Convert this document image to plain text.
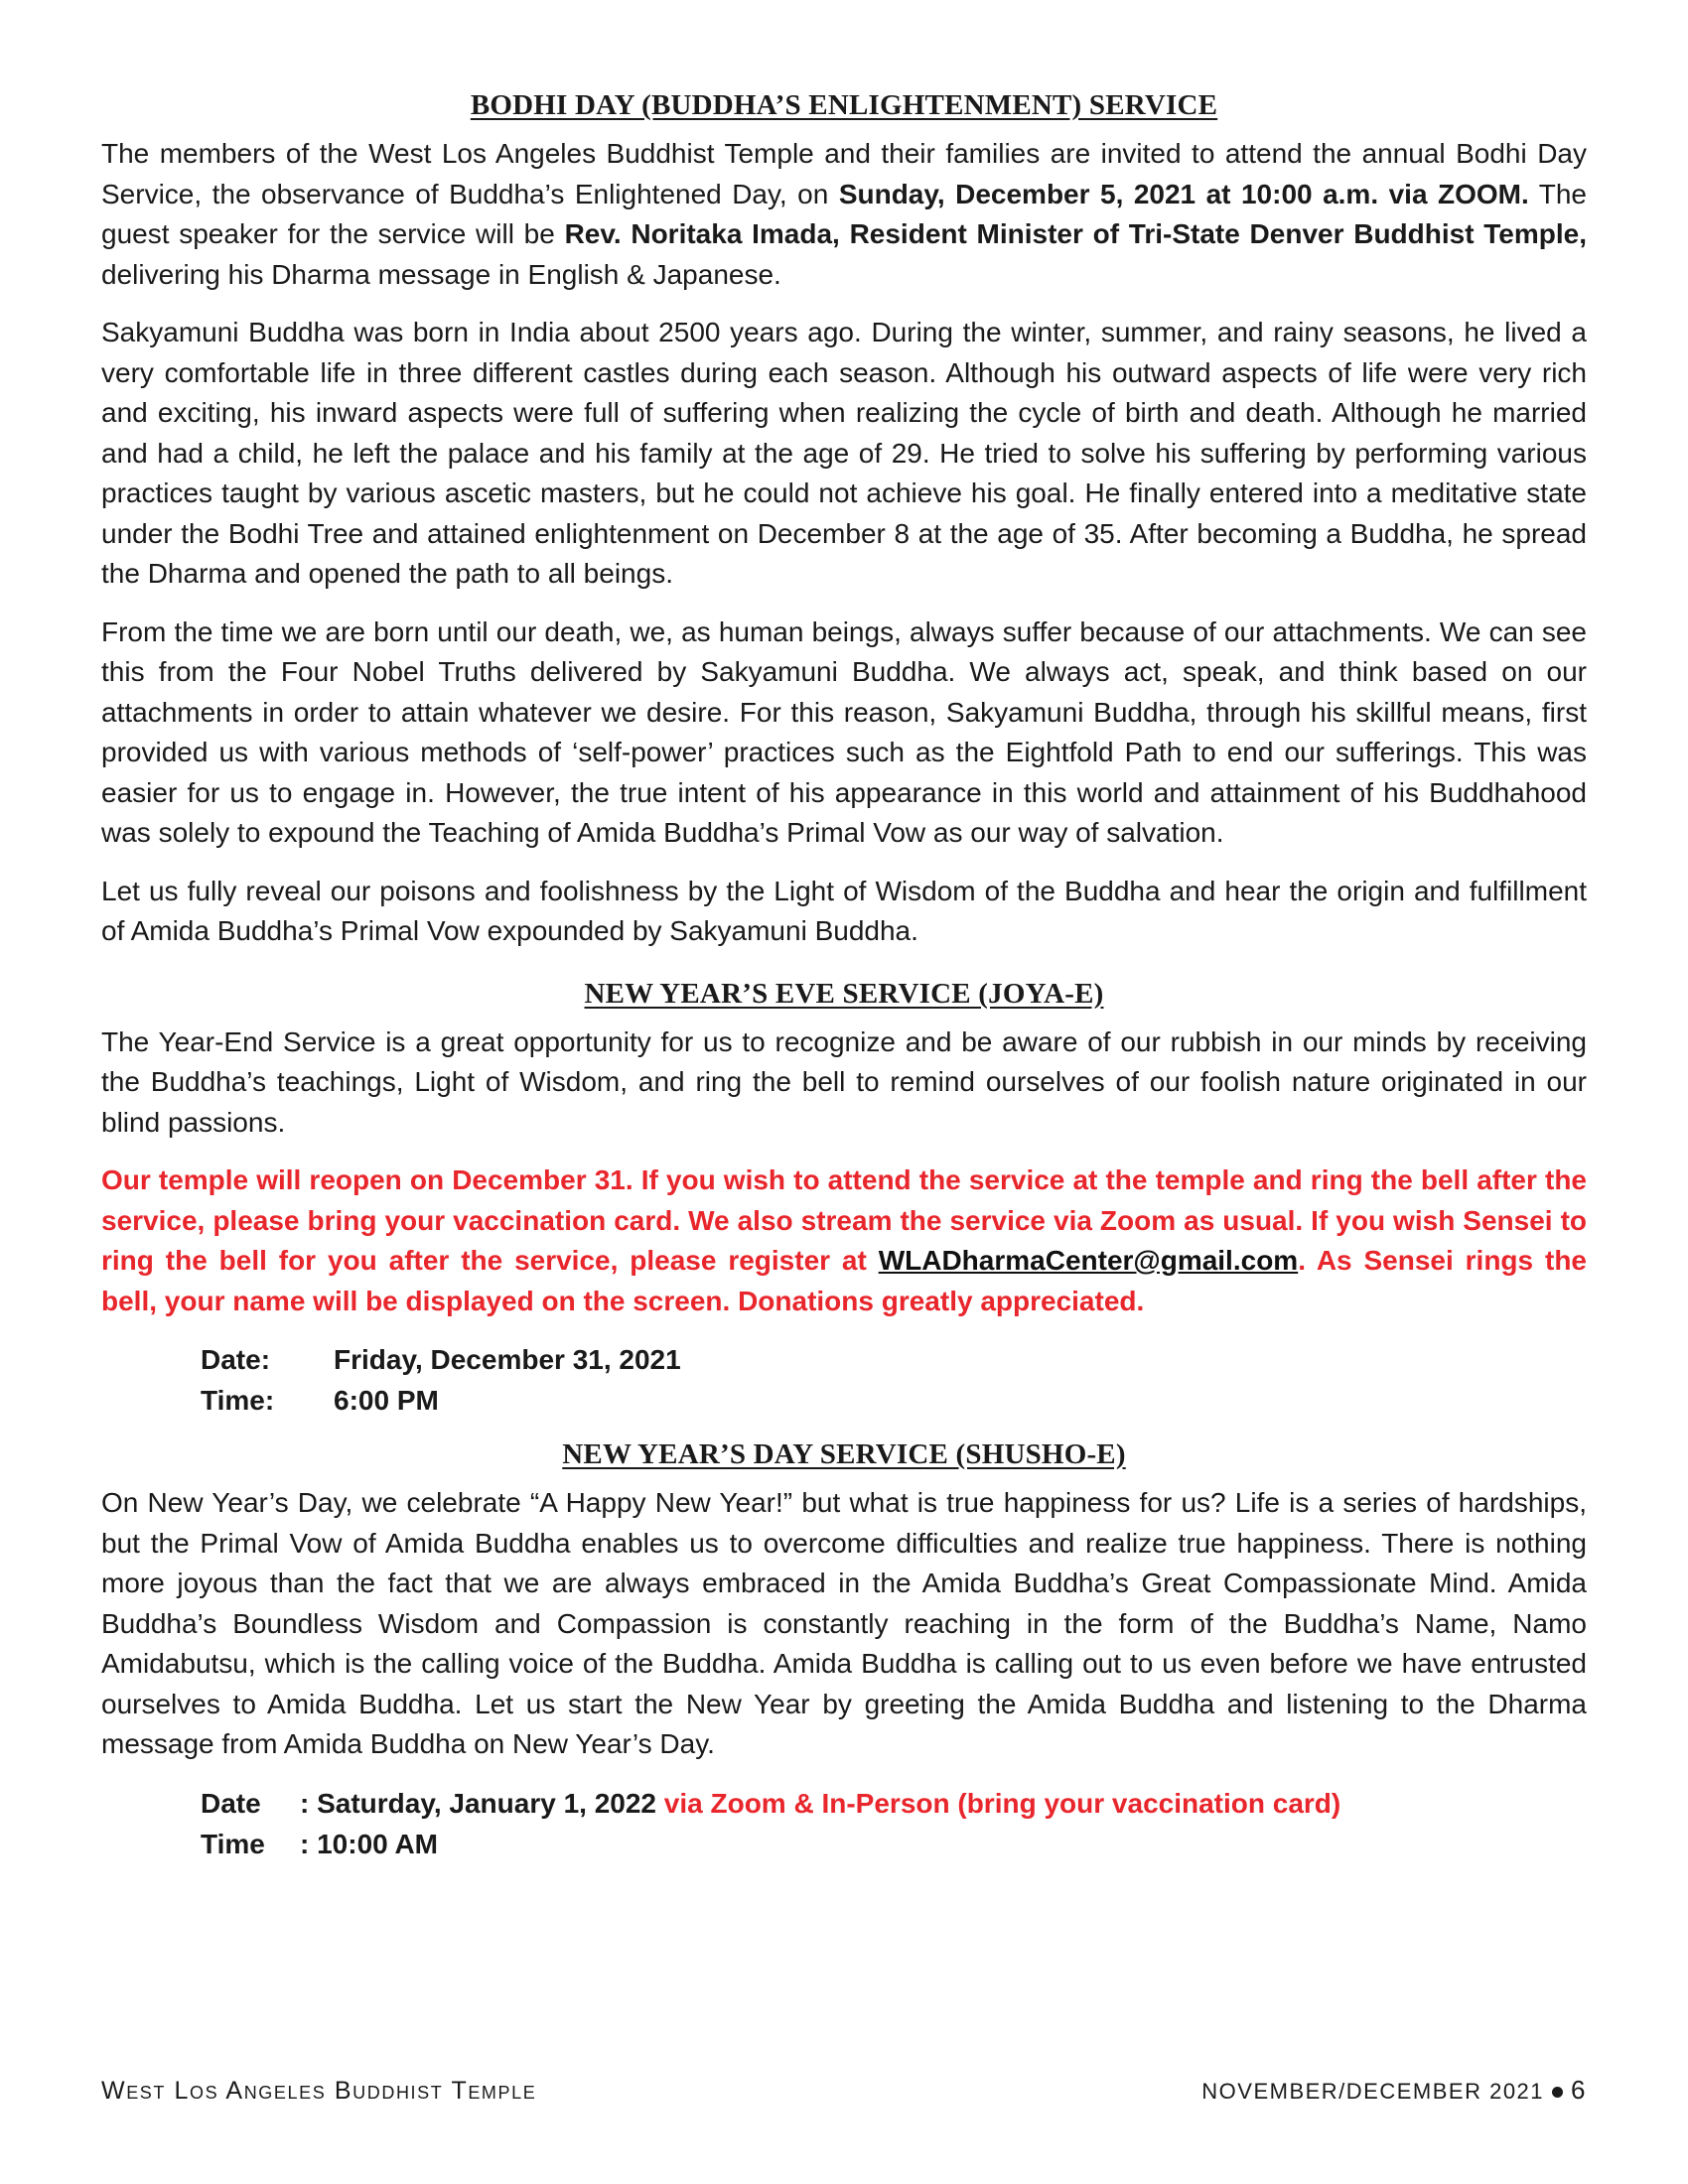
BODHI DAY (BUDDHA’S ENLIGHTENMENT) SERVICE

The members of the West Los Angeles Buddhist Temple and their families are invited to attend the annual Bodhi Day Service, the observance of Buddha’s Enlightened Day, on Sunday, December 5, 2021 at 10:00 a.m. via ZOOM. The guest speaker for the service will be Rev. Noritaka Imada, Resident Minister of Tri-State Denver Buddhist Temple, delivering his Dharma message in English & Japanese.

Sakyamuni Buddha was born in India about 2500 years ago. During the winter, summer, and rainy seasons, he lived a very comfortable life in three different castles during each season. Although his outward aspects of life were very rich and exciting, his inward aspects were full of suffering when realizing the cycle of birth and death. Although he married and had a child, he left the palace and his family at the age of 29. He tried to solve his suffering by performing various practices taught by various ascetic masters, but he could not achieve his goal. He finally entered into a meditative state under the Bodhi Tree and attained enlightenment on December 8 at the age of 35. After becoming a Buddha, he spread the Dharma and opened the path to all beings.

From the time we are born until our death, we, as human beings, always suffer because of our attachments. We can see this from the Four Nobel Truths delivered by Sakyamuni Buddha. We always act, speak, and think based on our attachments in order to attain whatever we desire. For this reason, Sakyamuni Buddha, through his skillful means, first provided us with various methods of ‘self-power’ practices such as the Eightfold Path to end our sufferings. This was easier for us to engage in. However, the true intent of his appearance in this world and attainment of his Buddhahood was solely to expound the Teaching of Amida Buddha’s Primal Vow as our way of salvation.

Let us fully reveal our poisons and foolishness by the Light of Wisdom of the Buddha and hear the origin and fulfillment of Amida Buddha’s Primal Vow expounded by Sakyamuni Buddha.

NEW YEAR’S EVE SERVICE (JOYA-E)

The Year-End Service is a great opportunity for us to recognize and be aware of our rubbish in our minds by receiving the Buddha’s teachings, Light of Wisdom, and ring the bell to remind ourselves of our foolish nature originated in our blind passions.

Our temple will reopen on December 31. If you wish to attend the service at the temple and ring the bell after the service, please bring your vaccination card. We also stream the service via Zoom as usual. If you wish Sensei to ring the bell for you after the service, please register at WLADharmaCenter@gmail.com. As Sensei rings the bell, your name will be displayed on the screen. Donations greatly appreciated.

Date:	Friday, December 31, 2021
Time:	6:00 PM
NEW YEAR’S DAY SERVICE (SHUSHO-E)

On New Year’s Day, we celebrate “A Happy New Year!” but what is true happiness for us? Life is a series of hardships, but the Primal Vow of Amida Buddha enables us to overcome difficulties and realize true happiness. There is nothing more joyous than the fact that we are always embraced in the Amida Buddha’s Great Compassionate Mind. Amida Buddha’s Boundless Wisdom and Compassion is constantly reaching in the form of the Buddha’s Name, Namo Amidabutsu, which is the calling voice of the Buddha. Amida Buddha is calling out to us even before we have entrusted ourselves to Amida Buddha. Let us start the New Year by greeting the Amida Buddha and listening to the Dharma message from Amida Buddha on New Year’s Day.

Date	: Saturday, January 1, 2022 via Zoom & In-Person (bring your vaccination card)
Time	: 10:00 AM
West Los Angeles Buddhist Temple	NOVEMBER/DECEMBER 2021 6
